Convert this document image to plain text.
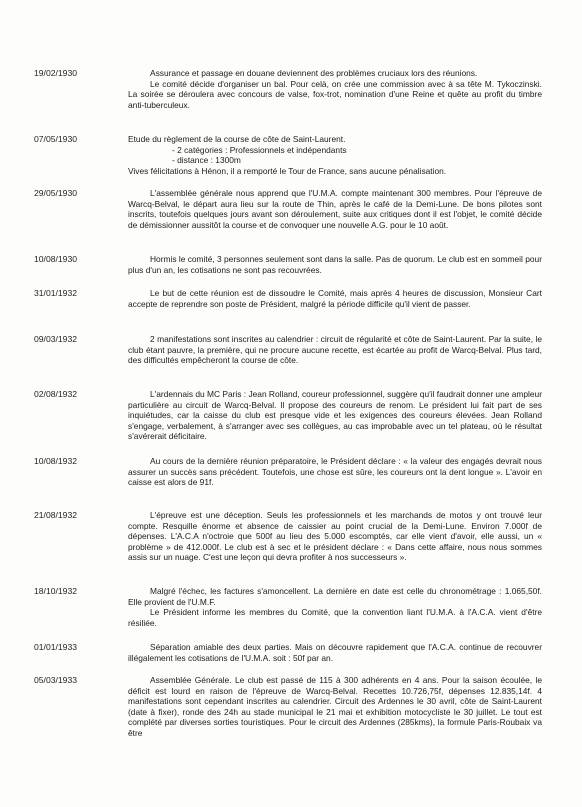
19/02/1930	Assurance et passage en douane deviennent des problèmes cruciaux lors des réunions.

Le comité décide d'organiser un bal. Pour celà, on crée une commission avec à sa tête M. Tykoczinski. La soirée se déroulera avec concours de valse, fox-trot, nomination d'une Reine et quête au profit du timbre anti-tuberculeux.

07/05/1930	Etude du règlement de la course de côte de Saint-Laurent.

- 2 catégories : Professionnels et indépendants
- distance : 1300m

Vives félicitations à Hénon, il a remporté le Tour de France, sans aucune pénalisation.

29/05/1930	L'assemblée générale nous apprend que l'U.M.A. compte maintenant 300 membres. Pour l'épreuve de Warcq-Belval, le départ aura lieu sur la route de Thin, après le café de la Demi-Lune. De bons pilotes sont inscrits, toutefois quelques jours avant son déroulement, suite aux critiques dont il est l'objet, le comité décide de démissionner aussitôt la course et de convoquer une nouvelle A.G. pour le 10 août.

10/08/1930	Hormis le comité, 3 personnes seulement sont dans la salle. Pas de quorum. Le club est en sommeil pour plus d'un an, les cotisations ne sont pas recouvrées.

31/01/1932	Le but de cette réunion est de dissoudre le Comité, mais après 4 heures de discussion, Monsieur Cart accepte de reprendre son poste de Président, malgré la période difficile qu'il vient de passer.

09/03/1932	2 manifestations sont inscrites au calendrier : circuit de régularité et côte de Saint-Laurent. Par la suite, le club étant pauvre, la première, qui ne procure aucune recette, est écartée au profit de Warcq-Belval. Plus tard, des difficultés empêcheront la course de côte.

02/08/1932	L'ardennais du MC Paris : Jean Rolland, coureur professionnel, suggère qu'il faudrait donner une ampleur particulière au circuit de Warcq-Belval. Il propose des coureurs de renom. Le président lui fait part de ses inquiétudes, car la caisse du club est presque vide et les exigences des coureurs élevées. Jean Rolland s'engage, verbalement, à s'arranger avec ses collègues, au cas improbable avec un tel plateau, où le résultat s'avérerait déficitaire.

10/08/1932	Au cours de la dernière réunion préparatoire, le Président déclare : « la valeur des engagés devrait nous assurer un succès sans précédent. Toutefois, une chose est sûre, les coureurs ont la dent longue ». L'avoir en caisse est alors de 91f.

21/08/1932	L'épreuve est une déception. Seuls les professionnels et les marchands de motos y ont trouvé leur compte. Resquille énorme et absence de caissier au point crucial de la Demi-Lune. Environ 7.000f de dépenses. L'A.C.A n'octroie que 500f au lieu des 5.000 escomptés, car elle vient d'avoir, elle aussi, un « problème » de 412.000f. Le club est à sec et le président déclare : « Dans cette affaire, nous nous sommes assis sur un nuage. C'est une leçon qui devra profiter à nos successeurs ».

18/10/1932	Malgré l'échec, les factures s'amoncellent. La dernière en date est celle du chronométrage : 1.065,50f. Elle provient de l'U.M.F.

Le Président informe les membres du Comité, que la convention liant l'U.M.A. à l'A.C.A. vient d'être résiliée.

01/01/1933	Séparation amiable des deux parties. Mais on découvre rapidement que l'A.C.A. continue de recouvrer illégalement les cotisations de l'U.M.A. soit : 50f par an.

05/03/1933	Assemblée Générale. Le club est passé de 115 à 300 adhérents en 4 ans. Pour la saison écoulée, le déficit est lourd en raison de l'épreuve de Warcq-Belval. Recettes 10.726,75f, dépenses 12.835,14f. 4 manifestations sont cependant inscrites au calendrier. Circuit des Ardennes le 30 avril, côte de Saint-Laurent (date à fixer), ronde des 24h au stade municipal le 21 mai et exhibition motocycliste le 30 juillet. Le tout est complété par diverses sorties touristiques. Pour le circuit des Ardennes (285kms), la formule Paris-Roubaix va être
